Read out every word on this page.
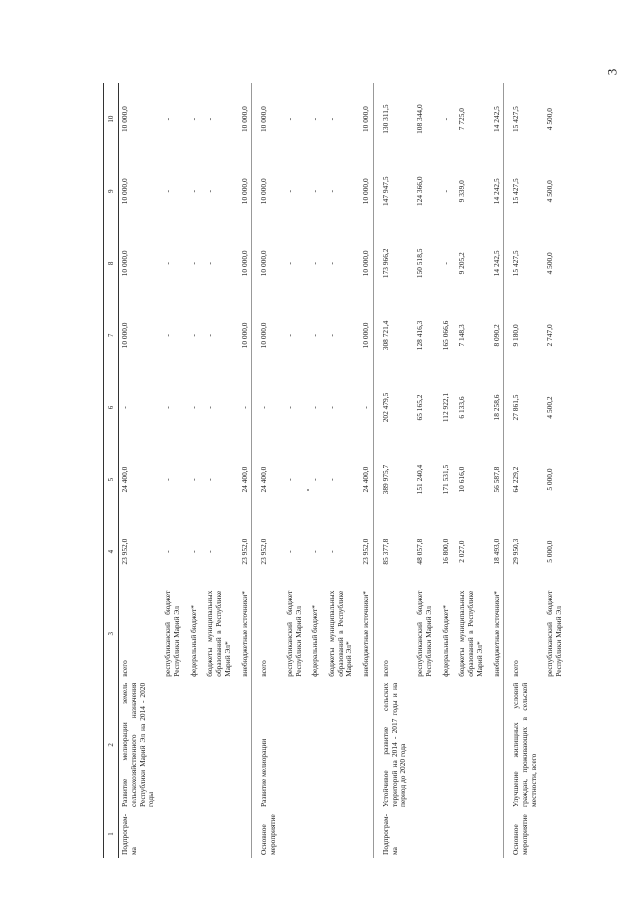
3
1	2	3	4	5	6	7	8	9	10
Подпрограм-ма	Развитие мелиорации земель сельскохозяйственного назначения Республики Марий Эл на 2014 - 2020 годы	всего	23 952,0	24 400,0	-	10 000,0	10 000,0	10 000,0	10 000,0
		республиканский бюджет Республики Марий Эл	-	-	-	-	-	-	-
		федеральный бюджет*	-	-	-	-	-	-	-
		бюджеты муниципальных образований в Республике Марий Эл*	-	-	-	-	-	-	-
		внебюджетные источники*	23 952,0	24 400,0	-	10 000,0	10 000,0	10 000,0	10 000,0
Основное мероприятие	Развитие мелиорации	всего	23 952,0	24 400,0	-	10 000,0	10 000,0	10 000,0	10 000,0
		республиканский бюджет Республики Марий Эл	-	-	-	-	-	-	-
		федеральный бюджет*	-	-	-	-	-	-	-
		бюджеты муниципальных образований в Республике Марий Эл*	-	-	-	-	-	-	-
		внебюджетные источники*	23 952,0	24 400,0	-	10 000,0	10 000,0	10 000,0	10 000,0
Подпрограм-ма	Устойчивое развитие сельских территорий на 2014 - 2017 годы и на период до 2020 года	всего	85 377,8	389 975,7	202 479,5	308 721,4	173 966,2	147 947,5	130 311,5
		республиканский бюджет Республики Марий Эл	48 057,8	151 240,4	65 165,2	128 416,3	150 518,5	124 366,0	108 344,0
		федеральный бюджет*	16 800,0	171 531,5	112 922,1	165 066,6	-	-	-
		бюджеты муниципальных образований в Республике Марий Эл*	2 027,0	10 616,0	6 133,6	7 148,3	9 205,2	9 339,0	7 725,0
		внебюджетные источники*	18 493,0	56 587,8	18 258,6	8 090,2	14 242,5	14 242,5	14 242,5
Основное мероприятие	Улучшение жилищных условий граждан, проживающих в сельской местности, всего	всего	29 950,3	64 229,2	27 861,5	9 180,0	15 427,5	15 427,5	15 427,5
		республиканский бюджет Республики Марий Эл	5 000,0	5 000,0	4 500,2	2 747,0	4 500,0	4 500,0	4 500,0
